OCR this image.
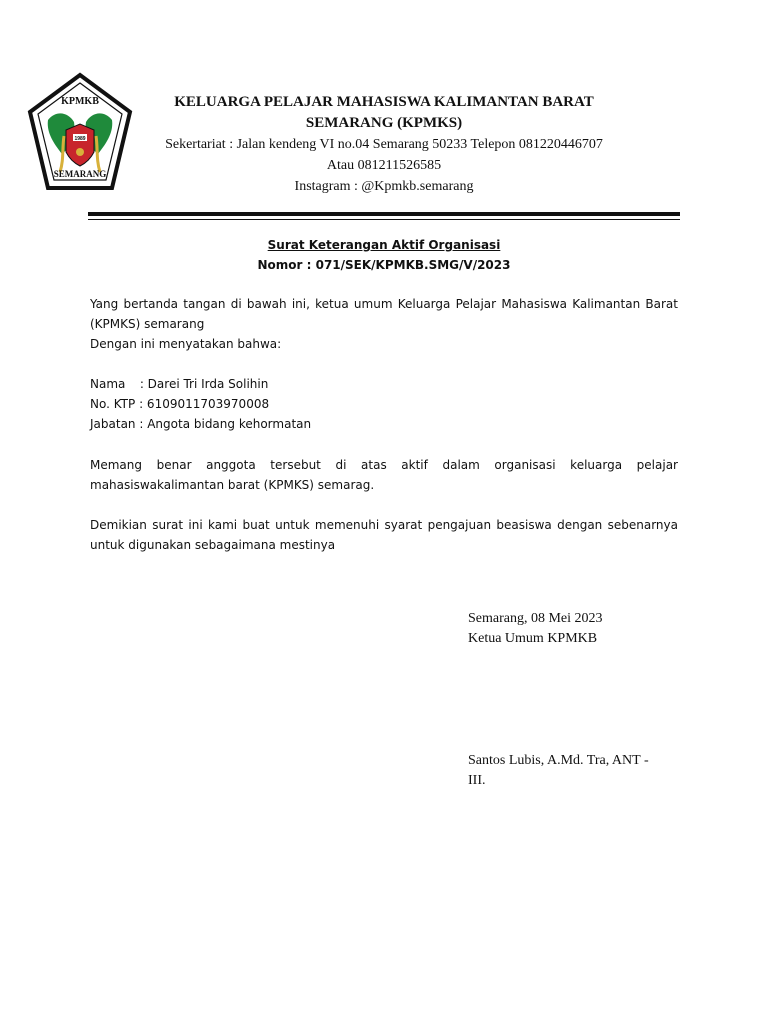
KPMKB
1989
SEMARANG
KELUARGA PELAJAR MAHASISWA KALIMANTAN BARAT
SEMARANG (KPMKS)
Sekertariat : Jalan kendeng VI no.04 Semarang 50233 Telepon 081220446707
Atau 081211526585
Instagram : @Kpmkb.semarang
Surat Keterangan Aktif Organisasi
Nomor : 071/SEK/KPMKB.SMG/V/2023
Yang bertanda tangan di bawah ini, ketua umum Keluarga Pelajar Mahasiswa Kalimantan Barat (KPMKS) semarang
Dengan ini menyatakan bahwa:
Nama : Darei Tri Irda Solihin
No. KTP : 6109011703970008
Jabatan : Angota bidang kehormatan
Memang benar anggota tersebut di atas aktif dalam organisasi keluarga pelajar mahasiswakalimantan barat (KPMKS) semarag.
Demikian surat ini kami buat untuk memenuhi syarat pengajuan beasiswa dengan sebenarnya untuk digunakan sebagaimana mestinya
Semarang, 08 Mei 2023
Ketua Umum KPMKB
Santos Lubis, A.Md. Tra, ANT -
III.
